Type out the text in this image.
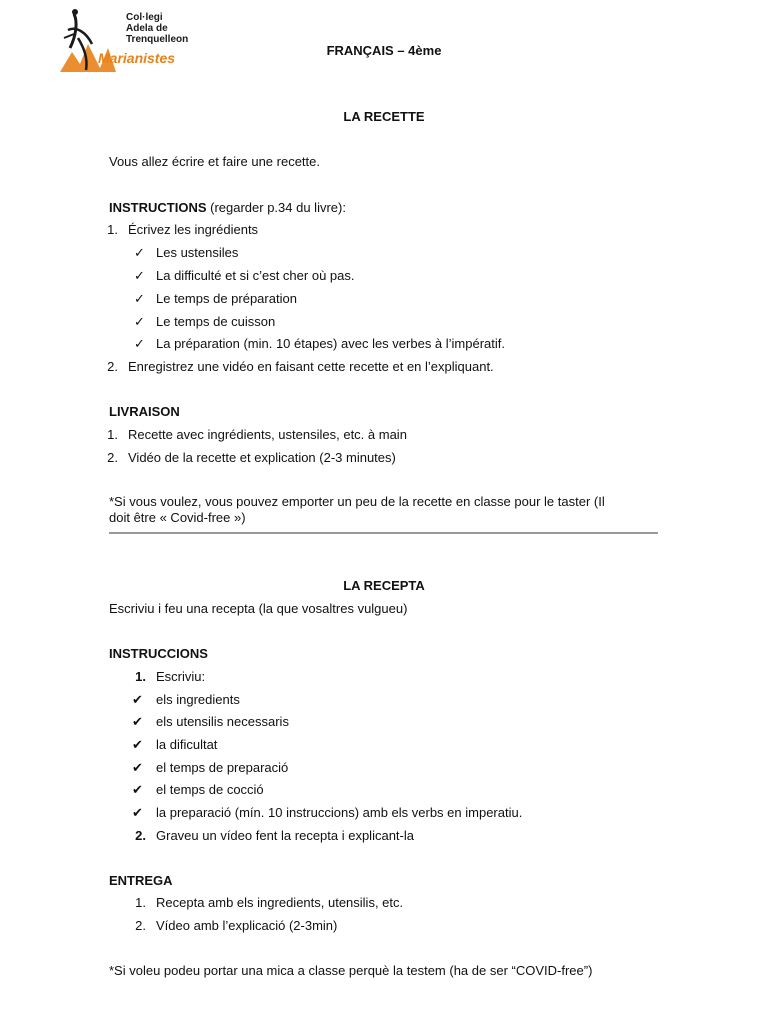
Col·legi
Adela de
Trenquelleon
Marianistes	FRANÇAIS – 4ème
LA RECETTE
Vous allez écrire et faire une recette.
INSTRUCTIONS (regarder p.34 du livre):
1. Écrivez les ingrédients
✓ Les ustensiles
✓ La difficulté et si c’est cher où pas.
✓ Le temps de préparation
✓ Le temps de cuisson
✓ La préparation (min. 10 étapes) avec les verbes à l’impératif.
2. Enregistrez une vidéo en faisant cette recette et en l’expliquant.
LIVRAISON
1. Recette avec ingrédients, ustensiles, etc. à main
2. Vidéo de la recette et explication (2-3 minutes)
*Si vous voulez, vous pouvez emporter un peu de la recette en classe pour le taster (Il
doit être « Covid-free »)
LA RECEPTA
Escriviu i feu una recepta (la que vosaltres vulgueu)
INSTRUCCIONS
1. Escriviu:
✔ els ingredients
✔ els utensilis necessaris
✔ la dificultat
✔ el temps de preparació
✔ el temps de cocció
✔ la preparació (mín. 10 instruccions) amb els verbs en imperatiu.
2. Graveu un vídeo fent la recepta i explicant-la
ENTREGA
1. Recepta amb els ingredients, utensilis, etc.
2. Vídeo amb l’explicació (2-3min)
*Si voleu podeu portar una mica a classe perquè la testem (ha de ser “COVID-free”)
